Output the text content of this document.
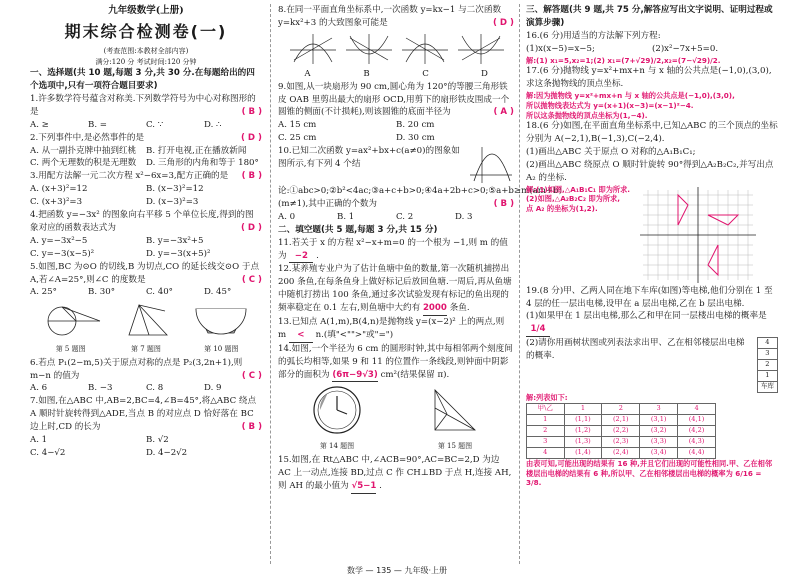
九年级数学(上册)
期末综合检测卷(一)
(考查范围:本教材全部内容)
满分:120 分 考试时间:120 分钟
一、选择题(共 10 题,每题 3 分,共 30 分.在每题给出的四个选项中,只有一项符合题目要求)
1.许多数学符号蕴含对称美.下列数学符号为中心对称图形的是	( B )
A. ≥	B. =	C. ∵	D. ∴
2.下列事件中,是必然事件的是	( D )
A. 从一副扑克牌中抽到红桃	B. 打开电视,正在播放新闻
C. 两个无理数的积是无理数	D. 三角形的内角和等于 180°
3.用配方法解一元二次方程 x²−6x=3,配方正确的是 ( B )
A. (x+3)²=12	B. (x−3)²=12
C. (x+3)²=3	D. (x−3)²=3
4.把函数 y=−3x² 的图象向右平移 5 个单位长度,得到的图象对应的函数表达式为	( D )
A. y=−3x²−5	B. y=−3x²+5
C. y=−3(x−5)²	D. y=−3(x+5)²
5.如图,BC 为⊙O 的切线,B 为切点,CO 的延长线交⊙O 于点 A,若∠A=25°,则∠C 的度数是	( C )
A. 25°	B. 30°	C. 40°	D. 45°
第 5 题图	第 7 题图	第 10 题图
6.若点 P₁(2−m,5)关于原点对称的点是 P₂(3,2n+1),则 m−n 的值为	( C )
A. 6	B. −3	C. 8	D. 9
7.如图,在△ABC 中,AB=2,BC=4,∠B=45°,将△ABC 绕点 A 顺时针旋转得到△ADE,当点 B 的对应点 D 恰好落在 BC 边上时,CD 的长为	( B )
A. 1	B. √2
C. 4−√2	D. 4−2√2
8.在同一平面直角坐标系中,一次函数 y=kx−1 与二次函数 y=kx²+3 的大致图象可能是	( D )
A	B	C	D
9.如图,从一块扇形为 90 cm,圆心角为 120°的等腰三角形铁皮 OAB 里剪出最大的扇形 OCD,用剪下的扇形铁皮围成一个圆锥的侧面(不计损耗),则该圆锥的底面半径为	( A )
A. 15 cm	B. 20 cm
C. 25 cm	D. 30 cm
10.已知二次函数 y=ax²+bx+c(a≠0)的图象如图所示,有下列 4 个结论:①abc>0;②b²<4ac;③a+c+b>0;④4a+2b+c>0;⑤a+b≥m(am+b)(m≠1),其中正确的个数为	( B )
A. 0	B. 1	C. 2	D. 3
二、填空题(共 5 题,每题 3 分,共 15 分)
11.若关于 x 的方程 x²−x+m=0 的一个根为 −1,则 m 的值为 −2 .
12.某养殖专业户为了估计鱼塘中鱼的数量,第一次随机捕捞出 200 条鱼,在每条鱼身上做好标记后放回鱼塘.一周后,再从鱼塘中随机打捞出 100 条鱼,通过多次试验发现有标记的鱼出现的频率稳定在 0.1 左右,则鱼塘中大约有 2000 条鱼.
13.已知点 A(1,m),B(4,n)是抛物线 y=(x−2)² 上的两点,则 m < n.(填"<"">"或"=")
14.如图,一个半径为 6 cm 的圆形时钟,其中每相邻两个刻度间的弧长均相等,如果 9 和 11 的位置作一条线段,则钟面中阴影部分的面积为 (6π−9√3) cm²(结果保留 π).
第 14 题图	第 15 题图
15.如图,在 Rt△ABC 中,∠ACB=90°,AC=BC=2,D 为边 AC 上一动点,连接 BD,过点 C 作 CH⊥BD 于点 H,连接 AH,则 AH 的最小值为 √5−1 .
三、解答题(共 9 题,共 75 分,解答应写出文字说明、证明过程或演算步骤)
16.(6 分)用适当的方法解下列方程:
(1)x(x−5)=x−5;	(2)x²−7x+5=0.
解:(1) x₁=5,x₂=1;(2) x₁=(7+√29)/2,x₂=(7−√29)/2.
17.(6 分)抛物线 y=x²+mx+n 与 x 轴的公共点是(−1,0),(3,0),求这条抛物线的顶点坐标.
解:因为抛物线 y=x²+mx+n 与 x 轴的公共点是(−1,0),(3,0),
所以抛物线表达式为 y=(x+1)(x−3)=(x−1)²−4.
所以这条抛物线的顶点坐标为(1,−4).
18.(6 分)如图,在平面直角坐标系中,已知△ABC 的三个顶点的坐标分别为 A(−2,1),B(−1,3),C(−2,4).
(1)画出△ABC 关于原点 O 对称的△A₁B₁C₁;
(2)画出△ABC 绕原点 O 顺时针旋转 90°得到△A₂B₂C₂,并写出点 A₂ 的坐标.
解:(1)如图,△A₁B₁C₁ 即为所求.
(2)如图,△A₂B₂C₂ 即为所求,
点 A₂ 的坐标为(1,2).
19.(8 分)甲、乙两人同在地下车库(如图)等电梯,他们分别在 1 至 4 层的任一层出电梯,设甲在 a 层出电梯,乙在 b 层出电梯.
(1)如果甲在 1 层出电梯,那么乙和甲在同一层楼出电梯的概率是 1/4
(2)请你用画树状图或列表法求出甲、乙在相邻楼层出电梯的概率.
4
3
2
1
车库
解:列表如下:
甲\乙	1	2	3	4
1	(1,1)	(2,1)	(3,1)	(4,1)
2	(1,2)	(2,2)	(3,2)	(4,2)
3	(1,3)	(2,3)	(3,3)	(4,3)
4	(1,4)	(2,4)	(3,4)	(4,4)
由表可知,可能出现的结果有 16 种,并且它们出现的可能性相同.甲、乙在相邻楼层出电梯的结果有 6 种,所以甲、乙在相邻楼层出电梯的概率为 6/16 = 3/8.
数学 — 135 — 九年级·上册
